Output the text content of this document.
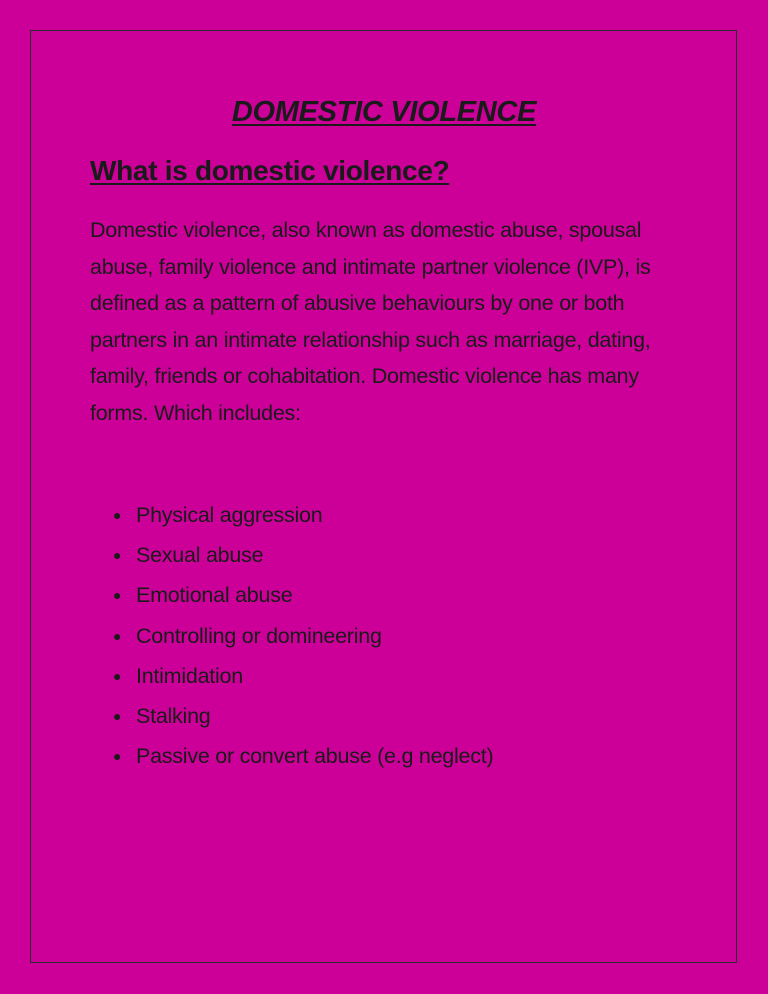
DOMESTIC VIOLENCE
What is domestic violence?

Domestic violence, also known as domestic abuse, spousal abuse, family violence and intimate partner violence (IVP), is defined as a pattern of abusive behaviours by one or both partners in an intimate relationship such as marriage, dating, family, friends or cohabitation. Domestic violence has many forms. Which includes:

● Physical aggression
● Sexual abuse
● Emotional abuse
● Controlling or domineering
● Intimidation
● Stalking
● Passive or convert abuse (e.g neglect)
